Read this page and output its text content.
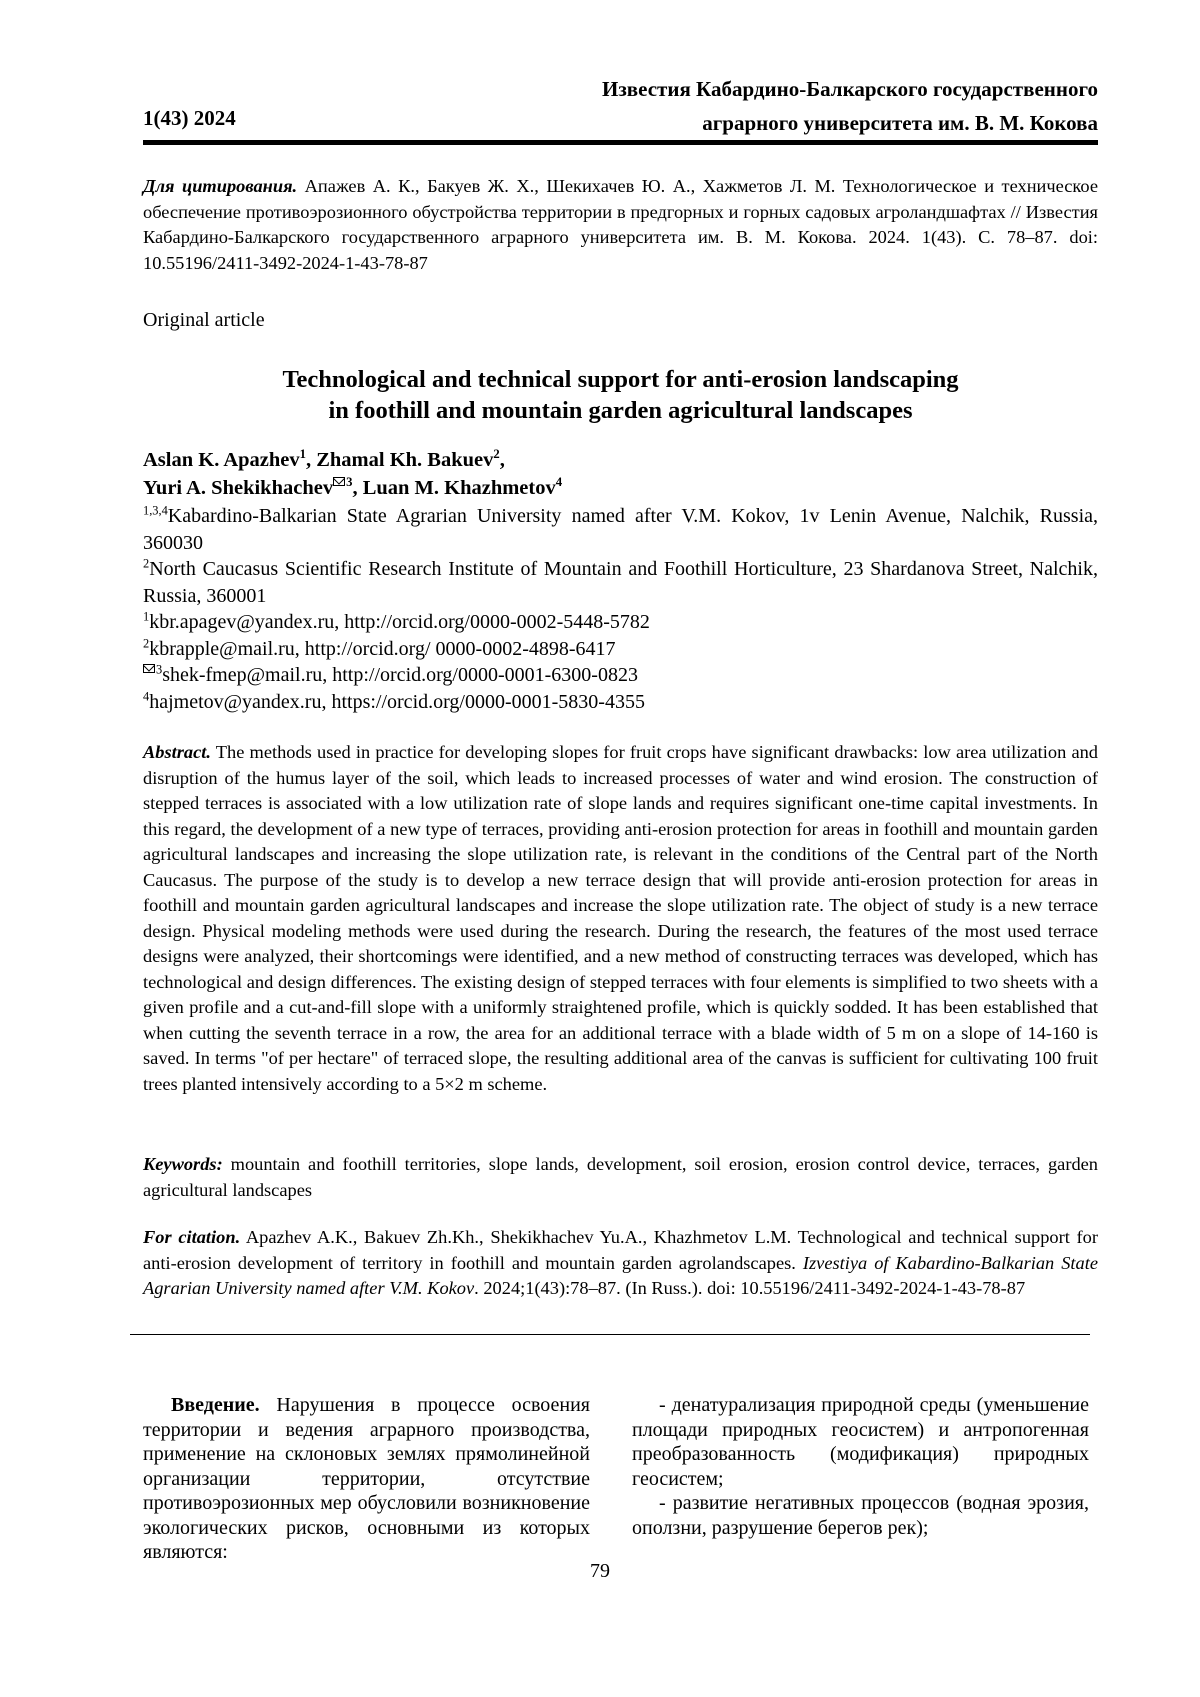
1(43) 2024
Известия Кабардино-Балкарского государственного
аграрного университета им. В. М. Кокова
Для цитирования. Апажев А. К., Бакуев Ж. Х., Шекихачев Ю. А., Хажметов Л. М. Технологическое и техническое обеспечение противоэрозионного обустройства территории в предгорных и горных садовых агроландшафтах // Известия Кабардино-Балкарского государственного аграрного университета им. В. М. Кокова. 2024. 1(43). С. 78–87. doi: 10.55196/2411-3492-2024-1-43-78-87
Original article
Technological and technical support for anti-erosion landscaping
in foothill and mountain garden agricultural landscapes
Aslan K. Apazhev1, Zhamal Kh. Bakuev2,
Yuri A. Shekikhachev 3, Luan M. Khazhmetov4

1,3,4Kabardino-Balkarian State Agrarian University named after V.M. Kokov, 1v Lenin Avenue, Nalchik, Russia, 360030

2North Caucasus Scientific Research Institute of Mountain and Foothill Horticulture, 23 Shardanova Street, Nalchik, Russia, 360001

1kbr.apagev@yandex.ru, http://orcid.org/0000-0002-5448-5782

2kbrapple@mail.ru, http://orcid.org/ 0000-0002-4898-6417

3shek-fmep@mail.ru, http://orcid.org/0000-0001-6300-0823

4hajmetov@yandex.ru, https://orcid.org/0000-0001-5830-4355

Abstract. The methods used in practice for developing slopes for fruit crops have significant drawbacks: low area utilization and disruption of the humus layer of the soil, which leads to increased processes of water and wind erosion. The construction of stepped terraces is associated with a low utilization rate of slope lands and requires significant one-time capital investments. In this regard, the development of a new type of terraces, providing anti-erosion protection for areas in foothill and mountain garden agricultural landscapes and increasing the slope utilization rate, is relevant in the conditions of the Central part of the North Caucasus. The purpose of the study is to develop a new terrace design that will provide anti-erosion protection for areas in foothill and mountain garden agricultural landscapes and increase the slope utilization rate. The object of study is a new terrace design. Physical modeling methods were used during the research. During the research, the features of the most used terrace designs were analyzed, their shortcomings were identified, and a new method of constructing terraces was developed, which has technological and design differences. The existing design of stepped terraces with four elements is simplified to two sheets with a given profile and a cut-and-fill slope with a uniformly straightened profile, which is quickly sodded. It has been established that when cutting the seventh terrace in a row, the area for an additional terrace with a blade width of 5 m on a slope of 14-160 is saved. In terms "of per hectare" of terraced slope, the resulting additional area of the canvas is sufficient for cultivating 100 fruit trees planted intensively according to a 5×2 m scheme.
Keywords: mountain and foothill territories, slope lands, development, soil erosion, erosion control device, terraces, garden agricultural landscapes
For citation. Apazhev A.K., Bakuev Zh.Kh., Shekikhachev Yu.A., Khazhmetov L.M. Technological and technical support for anti-erosion development of territory in foothill and mountain garden agrolandscapes. Izvestiya of Kabardino-Balkarian State Agrarian University named after V.M. Kokov. 2024;1(43):78–87. (In Russ.). doi: 10.55196/2411-3492-2024-1-43-78-87

Введение. Нарушения в процессе освоения территории и ведения аграрного производства, применение на склоновых землях прямолинейной организации территории, отсутствие противоэрозионных мер обусловили возникновение экологических рисков, основными из которых являются:

- денатурализация природной среды (уменьшение площади природных геосистем) и антропогенная преобразованность (модификация) природных геосистем;

- развитие негативных процессов (водная эрозия, оползни, разрушение берегов рек);

79
